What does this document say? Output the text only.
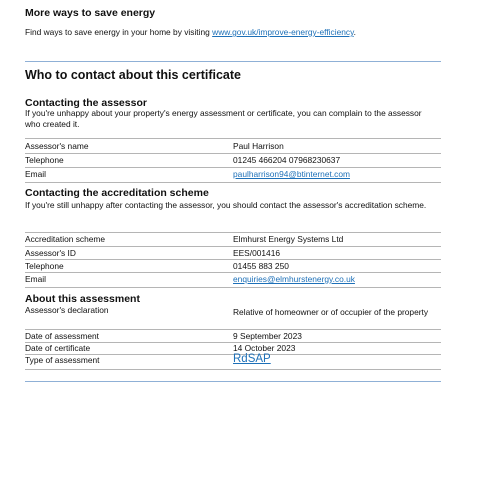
More ways to save energy

Find ways to save energy in your home by visiting www.gov.uk/improve-energy-efficiency.

Who to contact about this certificate
Contacting the assessor

If you're unhappy about your property's energy assessment or certificate, you can complain to the assessor who created it.

Assessor's name	Paul Harrison
Telephone	01245 466204 07968230637
Email	paulharrison94@btinternet.com
Contacting the accreditation scheme

If you're still unhappy after contacting the assessor, you should contact the assessor's accreditation scheme.

Accreditation scheme	Elmhurst Energy Systems Ltd
Assessor's ID	EES/001416
Telephone	01455 883 250
Email	enquiries@elmhurstenergy.co.uk
About this assessment
Assessor's declaration	Relative of homeowner or of occupier of the property
Date of assessment	9 September 2023
Date of certificate	14 October 2023
Type of assessment	RdSAP
